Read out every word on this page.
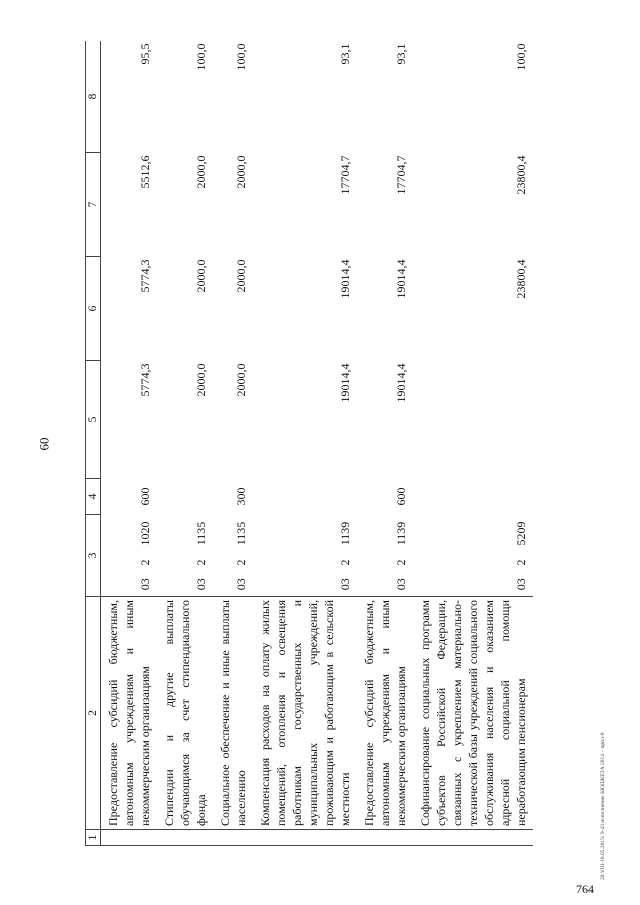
60
1	2	3			4	5	6	7	8
	Предоставление субсидий бюджетным, автономным учреждениям и иным некоммерческим организациям	03	2	1020	600	5774,3	5774,3	5512,6	95,5
	Стипендии и другие выплаты обучающимся за счет стипендиального фонда	03	2	1135		2000,0	2000,0	2000,0	100,0
	Социальное обеспечение и иные выплаты населению	03	2	1135	300	2000,0	2000,0	2000,0	100,0
	Компенсация расходов на оплату жилых помещений, отопления и освещения работникам государственных и муниципальных учреждений, проживающим и работающим в сельской местности	03	2	1139		19014,4	19014,4	17704,7	93,1
	Предоставление субсидий бюджетным, автономным учреждениям и иным некоммерческим организациям	03	2	1139	600	19014,4	19014,4	17704,7	93,1
	Софинансирование социальных программ субъектов Российской Федерации, связанных с укреплением материально-технической базы учреждений социального обслуживания населения и оказанием адресной социальной помощи неработающим пенсионерам	03	2	5209			23800,4	23800,4	100,0
20.VIII-18.05.2015/ 9-43 исполнение БЮДЖЕТА 2014 – прил-6
764
